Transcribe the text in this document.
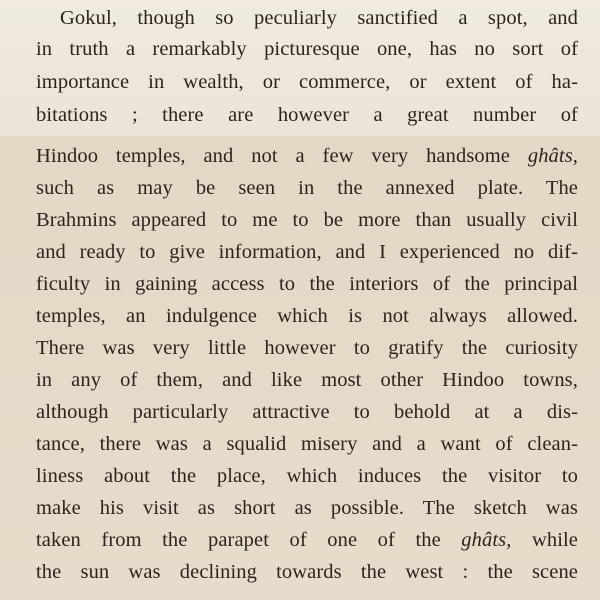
Gokul, though so peculiarly sanctified a spot, and
in truth a remarkably picturesque one, has no sort of
importance in wealth, or commerce, or extent of ha-
bitations ; there are however a great number of
Hindoo temples, and not a few very handsome ghâts,
such as may be seen in the annexed plate. The
Brahmins appeared to me to be more than usually civil
and ready to give information, and I experienced no dif-
ficulty in gaining access to the interiors of the principal
temples, an indulgence which is not always allowed.
There was very little however to gratify the curiosity
in any of them, and like most other Hindoo towns,
although particularly attractive to behold at a dis-
tance, there was a squalid misery and a want of clean-
liness about the place, which induces the visitor to
make his visit as short as possible. The sketch was
taken from the parapet of one of the ghâts, while
the sun was declining towards the west : the scene
